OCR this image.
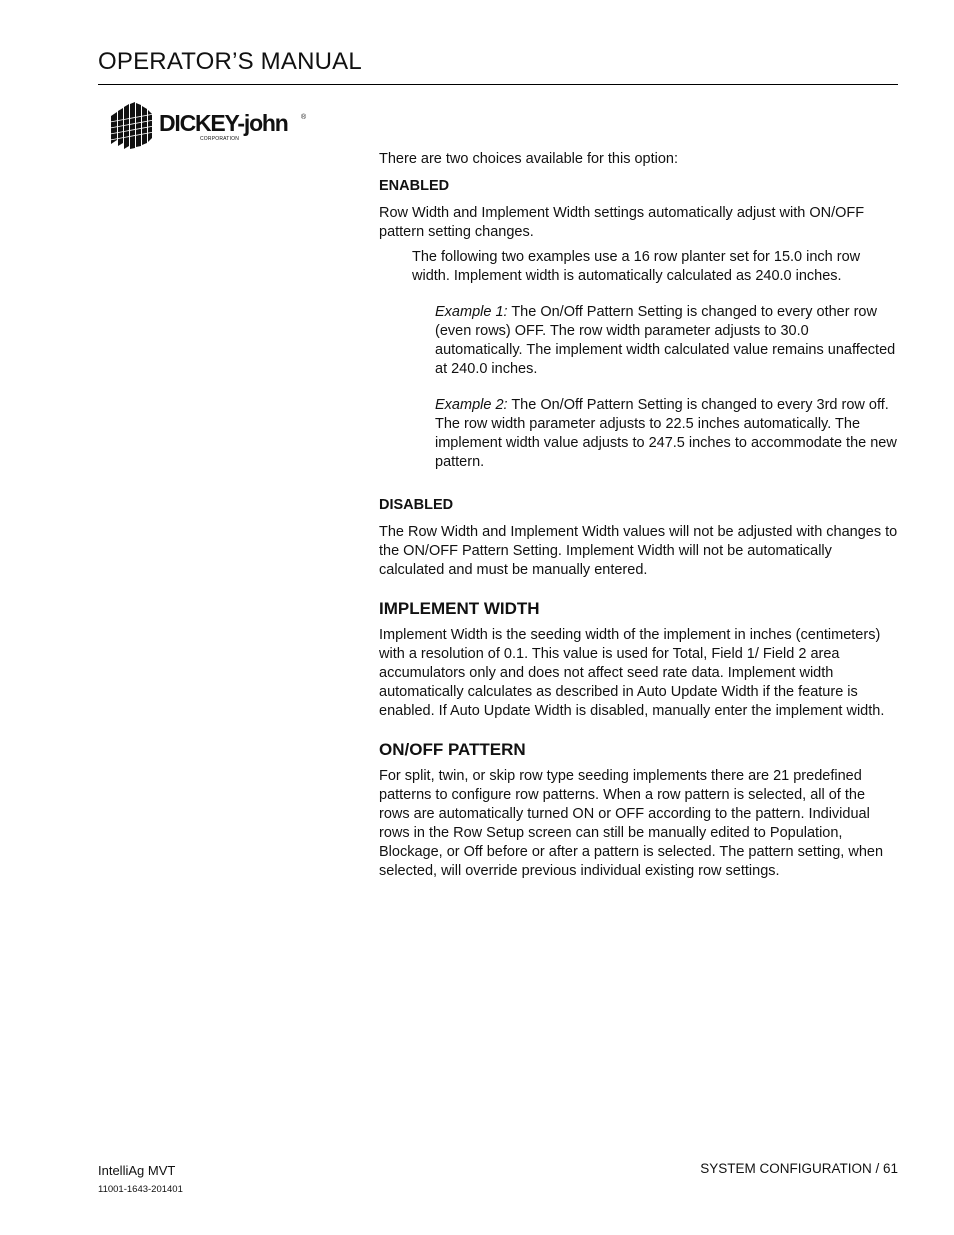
OPERATOR’S MANUAL
DICKEY-john ®
CORPORATION

There are two choices available for this option:

ENABLED

Row Width and Implement Width settings automatically adjust with ON/OFF pattern setting changes.

The following two examples use a 16 row planter set for 15.0 inch row width. Implement width is automatically calculated as 240.0 inches.

Example 1: The On/Off Pattern Setting is changed to every other row (even rows) OFF. The row width parameter adjusts to 30.0 automatically. The implement width calculated value remains unaffected at 240.0 inches.

Example 2: The On/Off Pattern Setting is changed to every 3rd row off. The row width parameter adjusts to 22.5 inches automatically. The implement width value adjusts to 247.5 inches to accommodate the new pattern.

DISABLED

The Row Width and Implement Width values will not be adjusted with changes to the ON/OFF Pattern Setting. Implement Width will not be automatically calculated and must be manually entered.

IMPLEMENT WIDTH

Implement Width is the seeding width of the implement in inches (centimeters) with a resolution of 0.1. This value is used for Total, Field 1/ Field 2 area accumulators only and does not affect seed rate data. Implement width automatically calculates as described in Auto Update Width if the feature is enabled. If Auto Update Width is disabled, manually enter the implement width.

ON/OFF PATTERN

For split, twin, or skip row type seeding implements there are 21 predefined patterns to configure row patterns. When a row pattern is selected, all of the rows are automatically turned ON or OFF according to the pattern. Individual rows in the Row Setup screen can still be manually edited to Population, Blockage, or Off before or after a pattern is selected. The pattern setting, when selected, will override previous individual existing row settings.

IntelliAg MVT
11001-1643-201401
SYSTEM CONFIGURATION / 61
